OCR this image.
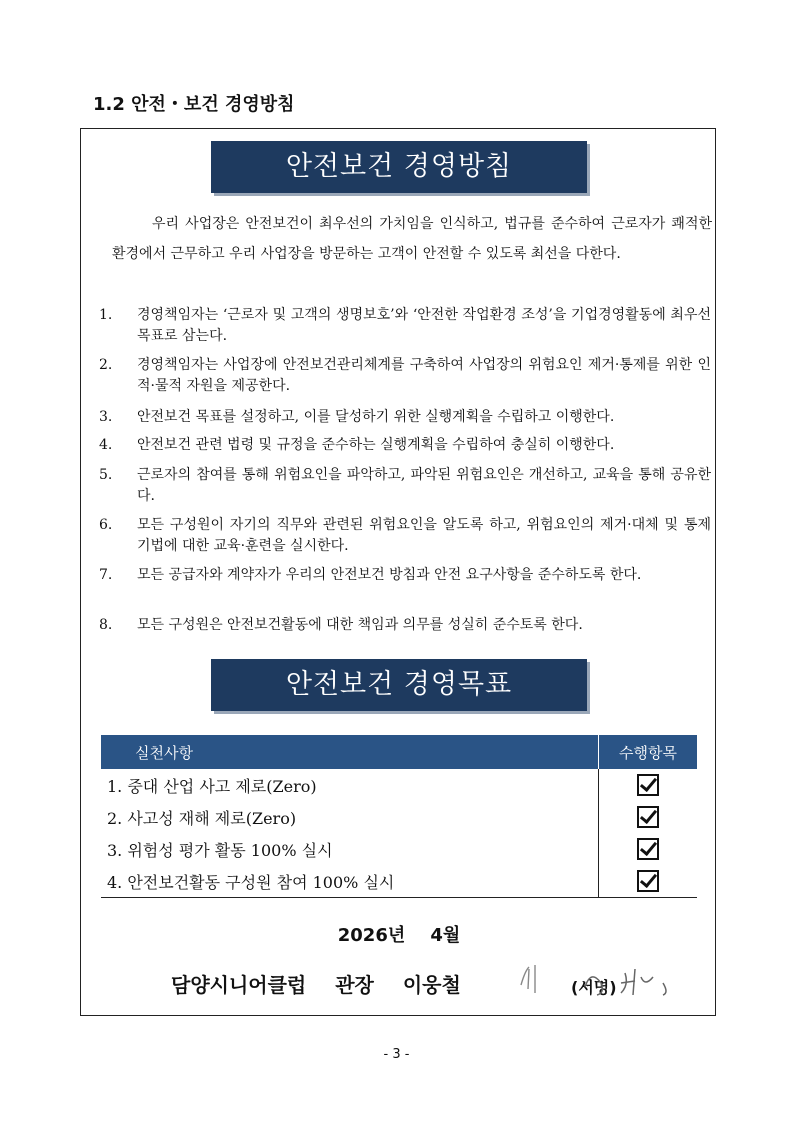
1.2 안전・보건 경영방침
안전보건 경영방침
우리 사업장은 안전보건이 최우선의 가치임을 인식하고, 법규를 준수하여 근로자가 쾌적한 환경에서 근무하고 우리 사업장을 방문하는 고객이 안전할 수 있도록 최선을 다한다.
1. 경영책임자는 ‘근로자 및 고객의 생명보호’와 ‘안전한 작업환경 조성’을 기업경영활동에 최우선 목표로 삼는다.
2. 경영책임자는 사업장에 안전보건관리체계를 구축하여 사업장의 위험요인 제거·통제를 위한 인적·물적 자원을 제공한다.
3. 안전보건 목표를 설정하고, 이를 달성하기 위한 실행계획을 수립하고 이행한다.
4. 안전보건 관련 법령 및 규정을 준수하는 실행계획을 수립하여 충실히 이행한다.
5. 근로자의 참여를 통해 위험요인을 파악하고, 파악된 위험요인은 개선하고, 교육을 통해 공유한다.
6. 모든 구성원이 자기의 직무와 관련된 위험요인을 알도록 하고, 위험요인의 제거·대체 및 통제 기법에 대한 교육·훈련을 실시한다.
7. 모든 공급자와 계약자가 우리의 안전보건 방침과 안전 요구사항을 준수하도록 한다.
8. 모든 구성원은 안전보건활동에 대한 책임과 의무를 성실히 준수토록 한다.
안전보건 경영목표
실천사항	수행항목
1. 중대 산업 사고 제로(Zero)	
2. 사고성 재해 제로(Zero)	
3. 위험성 평가 활동 100% 실시	
4. 안전보건활동 구성원 참여 100% 실시	
2026년 4월
담양시니어클럽 관장 이웅철	(서명)
- 3 -
